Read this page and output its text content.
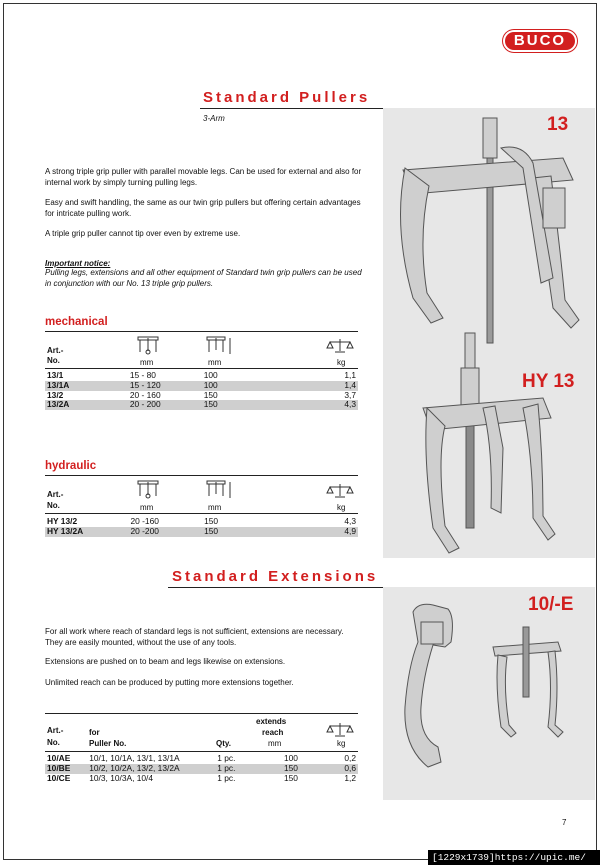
BUCO
Standard Pullers
3-Arm	13
HY 13
A strong triple grip puller with parallel movable legs. Can be used for external and also for internal work by simply turning pulling legs.
Easy and swift handling, the same as our twin grip pullers but offering certain advantages for intricate pulling work.
A triple grip puller cannot tip over even by extreme use.
Important notice:
Pulling legs, extensions and all other equipment of Standard twin grip pullers can be used in conjunction with our No. 13 triple grip pullers.
mechanical
Art.-
No.	mm	mm	kg
13/1	15 - 80	100	1,1
13/1A	15 - 120	100	1,4
13/2	20 - 160	150	3,7
13/2A	20 - 200	150	4,3
hydraulic
Art.-
No.	mm	mm	kg
HY 13/2	20 -160	150	4,3
HY 13/2A	20 -200	150	4,9
Standard Extensions
10/-E
For all work where reach of standard legs is not sufficient, extensions are necessary. They are easily mounted, without the use of any tools.
Extensions are pushed on to beam and legs likewise on extensions.
Unlimited reach can be produced by putting more extensions together.
Art.-
No.
for
Puller No.	Qty.
extends
reach
mm	kg
10/AE	10/1, 10/1A, 13/1, 13/1A	1 pc.	100	0,2
10/BE	10/2, 10/2A, 13/2, 13/2A	1 pc.	150	0,6
10/CE	10/3, 10/3A, 10/4	1 pc.	150	1,2
7
[1229x1739]https://upic.me/
